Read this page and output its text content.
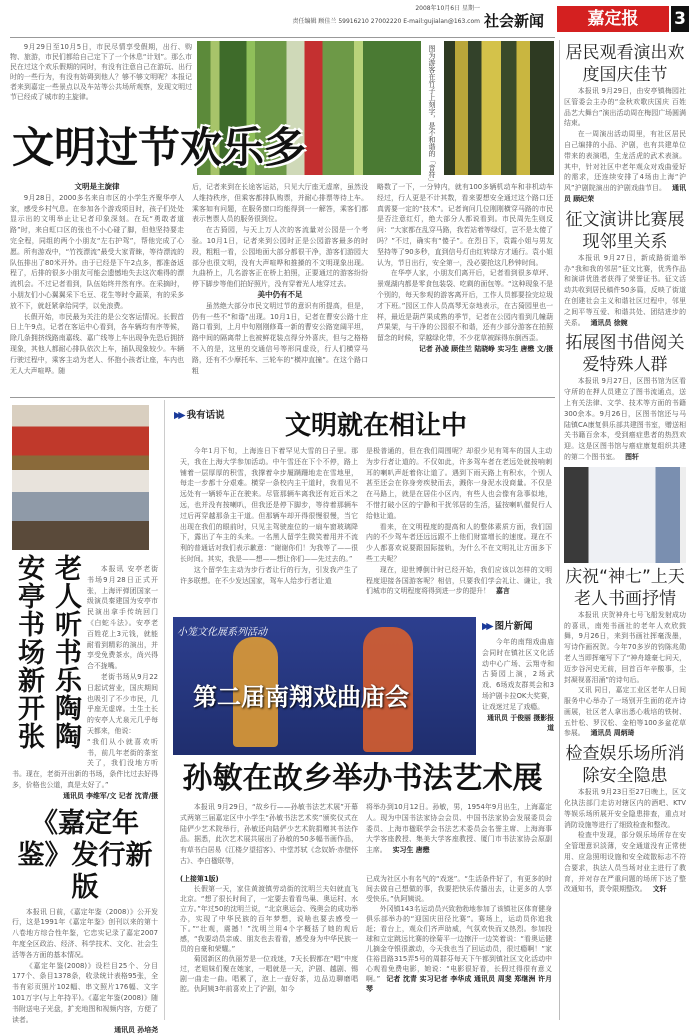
2008年10月6日 星期一
责任编辑 顾佳兰 59916210 27002220 E-mail:gujialan@163.com 社会新闻	嘉定报	3

9月29日至10月5日，市民尽情享受假期，出行、购物、旅游，市民们都给自己定下了一个休息“计划”。那么市民在过这个欢乐假期的同时，有没有注意自己在游玩、出行时的一些行为，有没有妨碍到他人？够不够文明呢？本报记者来到嘉定一些景点以及车站等公共场所观察，发现文明过节已经成了城市的主旋律。	图为游客在竹子上刻字，是不和谐的「音符」
文明过节欢乐多
文明是主旋律

9月28日，2000多名来自市区的小学生齐聚华亭人家，感受乡村气息。在参加各个游戏项目时，孩子们处处显示出的文明举止让记者印象深刻。在玩“勇敢者道路”时，来自虹口区的张也不小心碰了脚，但他坚持要走完全程，同组的两个小朋友“左右护驾”，帮他完成了心愿。所有游戏中，“竹筏漂流”最受大家青睐，等待漂流的队伍排出了80米开外。由于已经是下午2点多，都准备返程了，后排的很多小朋友可能会遗憾地失去这次难得的漂流机会。不过记者看到，队伍始终井然有序。在采摘时，小朋友们小心翼翼采下毛豆、花生等时令蔬菜，有的采多放不下，就赶紧拿给同学，以免浪费。

长假开始，市民最为关注的是公交客运情况。长假首日上午9点，记者在客运中心看到，各车辆均有序等候，除几条拥挤线路南嘉线、嘉广线等上车出现争先恐后拥挤现象，其他人都耐心排队依次上车，插队现象较少。车辆行驶过程中，乘客主动为老人、怀抱小孩者让座，车内也无人大声喧哗。随

后，记者来到在长途客运站，只见大厅座无虚席，虽然没人维持秩序，但乘客都排队购票，并耐心排票等待上车。乘客如有问题，在服务窗口均能得到一一解答，乘客们都表示售票人员的服务很到位。

在古猗园，与天上万人次的客流量对公园是一个考验。10月1日，记者来到公园时正是公园游客最多的时段，粗粗一看，公园地面大部分都很干净，游客们游园大部分也很文明，没有大声喧哗和推搡的不文明现象出现。九曲桥上，几名游客正在桥上拍照，正要通过的游客纷纷停下脚步等他们拍好照片，没有穿着光人地穿过去。

美中仍有不足

虽然绝大部分市民文明过节的意识有所提高，但是，仍有一些不“和谐”出现。10月1日，记者在曹安公路十庄路口看到，上月中旬刚刚修葺一新的曹安公路宽阔平坦，路中间的隔离带上也被鲜花装点得分外喜庆，但与之格格不入的是，这里的交通信号等形同虚设，行人们横穿马路，还有不少摩托车、三轮车的“横冲直撞”。在这个路口粗

略数了一下，一分钟内，就有100多辆机动车和非机动车经过，行人更是不计其数，看来要想安全通过这个路口还真需要一定的“技术”。记者询问几位刚刚横穿马路的市民是否注意红灯，绝大部分人都说看到。市民周先生则反问：“大家都在乱穿马路，我若站着等绿灯，岂不是太傻了吗？”不过，确实有“傻子”。在烈日下，袁霞小姐与男友坚持等了90多秒，直到信号灯由红转绿方才通行。袁小姐认为，节日出行，安全第一，没必要抢这几秒钟时间。

在华亭人家，小朋友们离开后，记者看到很多草坪、景观湖内都是零食包装袋、吃剩的面包等。“这种现象不是个别的，每天参观的游客离开后，工作人员都要捡完垃圾才下班。”园区工作人员高琴无奈地表示，在古猗园里也一样，最近是葫芦果成熟的季节，记者在公园内看到几幢葫芦果架，与干净的公园很不和谐，还有少部分游客在拍照留念的时候，穿越绿化带，不少花草被踩得东倒西歪。

记者 孙凌 顾佳兰 陆晓峥 实习生 唐懋 文/摄
安亭书场新开张 老人听书乐陶陶	本报讯 安亭老街书场9月28日正式开张，上海评弹团国家一级演员秦建国为安亭市民演出拿手传统回门《白蛇斗法》。安亭老百姓花上3元钱，就能耐看到精彩的演出，并享受免费茶水，尚兴得合不拢嘴。

老街书场从9月22日起试营业，国庆期间也吸引了不少市民，几乎座无虚席。土生土长的安亭人尤泉元几乎每天都来，他说：

“我们从小就喜欢听书，前几年老街的茶室关了，我们没地方听书。现在，老街开出新的书场，条件比过去好得多，价格也公道，真是太好了。”

通讯员 李维军/文 记者 沈青/摄
《嘉定年鉴》发行新版

本报讯 日前，《嘉定年鉴（2008）》公开发行，这是1991年《嘉定年鉴》创刊以来的第十八卷地方综合性年鉴，它忠实记录了嘉定2007年度全区政治、经济、科学技术、文化、社会生活等各方面的基本情况。

《嘉定年鉴(2008)》设栏目25个、分目177个、条目1378条，收录统计表格95张，全书有彩页照片102幅、串文照片176幅、文字101万字(与上年持平)。《嘉定年鉴(2008)》随书附送电子光盘，扩充地图和视频内容，方便了读者。

通讯员 孙培尧
▶▶ 我有话说 文明就在相让中

今年1月下旬，上海连日下着罕见大雪的日子里。那天，我在上海大学参加活动。中午雪还在下个不停，路上铺着一层厚厚的积雪，我撑着伞步履蹒跚地走在雪地里，每走一步都十分艰难。横穿一条校内主干道时，我看见不远处有一辆轿车正在驶来。尽管那辆车离我还有近百米之远，也并没有按喇叭，但我还是停下脚步，等待着那辆车过后再穿越那条主干道。但那辆车却开得很慢很慢，当它出现在我们的眼前时，只见主驾驶座位的一扇车窗玻璃降下，露出了车主的头来。一名黑人留学生微笑着用并不流利的普通话对我们表示歉意：“谢谢你们！为我等了——很长时间。其实，我是——想——想让你们——先过去的。”

这个留学生主动为步行者让行的行为，引发我产生了许多联想。在不少发达国家，驾车人给步行者让道

是极普通的，但在我们周围呢？却很少见有驾车的国人主动为步行者让道的。不仅如此，许多驾车者在老远处就按响刺耳的喇叭声赶着你让道了。遇到下雨天路上有积水，个别人甚至还会在你身旁疾驶而去，溅你一身泥水没商量。不仅是在马路上，就是在居住小区内，有些人也会像有急事似地，不惜打破小区的宁静和干扰邻居的生活，猛按喇叭催促行人给他让道。

看来，在文明程度的提高和人的整体素质方面，我们国内的不少驾车者还远远跟不上他们财富增长的速度。现在不少人都喜欢说要跟国际接轨，为什么不在文明礼让方面多下些工夫呢？

现在，迎世博倒计时已经开始，我们应该以怎样的文明程度迎接各国游客呢？相信，只要我们学会礼让、谦让，我们城市的文明程度将得到进一步的提升！ 嘉言

小笼文化展系列活动
第二届南翔戏曲庙会
▶▶ 图片新闻

今年的南翔戏曲庙会同时在镇社区文化活动中心广场、云翔寺和古猗园上演，2场武戏、6场戏友群英会和3场沪剧卡拉OK大奖赛，让戏迷过足了戏瘾。

通讯员 于俊丽 摄影报道
孙敏在故乡举办书法艺术展

本报讯 9月29日，“故乡行——孙敏书法艺术展”开幕式两第三届嘉定区中小学生“孙敏书法艺术奖”颁奖仪式在陆俨少艺术院举行，孙敏还向陆俨少艺术院捐赠其书法作品。据悉，此次艺术展共展出了孙敏的50多幅书画作品，有草书白居易《江楼夕望招客》、中堂苏轼《念奴娇·赤壁怀古》、李白楹联等，

将举办到10月12日。孙敏，男，1954年9月出生，上海嘉定人。现为中国书法家协会会员、中国书法家协会发展委员会委员、上海市楹联学会书法艺术委员会名誉主席、上海海事大学客座教授、集美大学客座教授、厦门市书法家协会原副主席。 实习生 唐懋

(上接第1版)

长假第一天，家住黄渡镇劳动街的沈明兰夫妇就直飞北京。“想了很长时间了，一定要去看看鸟巢、奥运村、水立方。”年过50的沈明兰说，“北京奥运会、残奥会的成功举办，实现了中华民族的百年梦想，说啥也要去感受一下。”“壮观，震撼！”沈明兰用4个字概括了她的观后感，“我要动员亲戚、朋友也去看看，感受身为中华民族一员的自豪和荣耀。”

菊园新区的仇丽芳是一位戏迷，7天长假都在“唱”中度过，老姐妹们聚在她家，一唱就是一天，沪剧、越剧、锡剧一曲走一曲。唱累了，泡上一壶好茶，边品边聊磨唱腔。仇阿姨3年前喜欢上了沪剧，如今

已成为社区小有名气的“戏迷”。“生活条件好了，有更多的时间去做自己想做的事，我要把快乐传播出去，让更多的人享受快乐。”仇阿姨说。

外冈镇143名运动员兴致勃勃地参加了该镇社区体育健身俱乐部举办的“迎国庆田径比赛”。赛场上，运动员你追我赶；看台上，观众们齐声助威，气氛欢快而又热烈。参加投球和立定跳远比赛的徐菊平一边擦汗一边笑着说：“看奥运健儿摘金夺银很激动，今天我也当了回运动员，很过瘾啊！”家住裕昌路315弄5号的周群芬每天下午都到镇社区文化活动中心观看免费电影，她说：“电影很好看，长假过得很有意义啊。” 记者 沈青 实习记者 李华成 通讯员 周斐 郑继洲 许月琴

居民观看演出欢度国庆佳节

本报讯 9月29日，由安亭镇梅园社区管委会主办的“金秋欢歌庆国庆 百姓品艺大舞台”演出活动周在梅园广场圆满结束。

在一周演出活动周里，有社区居民自己编排的小品、沪剧，也有共建单位带来的表演唱，生龙活虎的武术表演。其中，针对社区中老年观众对戏曲爱好的需求，还连续安排了4场由上海“沪风”沪剧院演出的沪剧戏曲节目。 通讯员 顾纪荣

征文演讲比赛展现邻里关系

本报讯 9月27日，新成路街道举办“我和我的邻居”征文比赛，优秀作品和演讲优胜者获得了荣誉证书。征文活动共收到居民稿件50多篇，反映了街道在创建社会主义和谐社区过程中，邻里之间平等互爱、和谐共处、团结进步的关系。 通讯员 徐婉

拓展图书借阅关爱特殊人群

本报讯 9月27日，区图书馆为区看守所的在押人员建立了图书流通点，送上有关法律、文学、技术等方面的书籍300余本。9月26日，区图书馆还与马陆镇CA康复俱乐部共建图书室，赠送相关书籍百余本，受到癌症患者的热烈欢迎。这是区图书馆与癌症康复组织共建的第二个图书室。 图轩

庆祝“神七”上天老人书画抒情

本报讯 庆贺神舟七号飞船发射成功的喜讯，南苑书画社的老年人欢欣鼓舞，9月26日，来到书画社挥毫泼墨，写诗作画祝贺。今年70多岁的钧陈兆勋老人当即挥毫写下了“神舟雄豪七问天，迈步谷河史无前，回首百年辛酸事，尘封凝视喜泪涌”的诗句后。

又讯 同日，嘉定工业区老年人日间服务中心举办了一场别开生面的花卉诗画展，社区老人拿出悉心栽培的铁树、五针松、罗汉松、金柏等100多盆花草参展。 通讯员 周炳琦

检查娱乐场所消除安全隐患

本报讯 9月23日至27日晚上，区文化执法部门走访对辖区内的酒吧、KTV等娱乐场所展开安全隐患排查，重点对消防设施等进行了细致检查和整改。

检查中发现，部分娱乐场所存在安全管理意识淡薄，安全通道没有正常使用、应急照明设施和安全疏散标志不符合要求，执法人员当场对业主进行了教育，并对存在严重问题的场所下达了整改通知书，责令限期整改。 文轩
